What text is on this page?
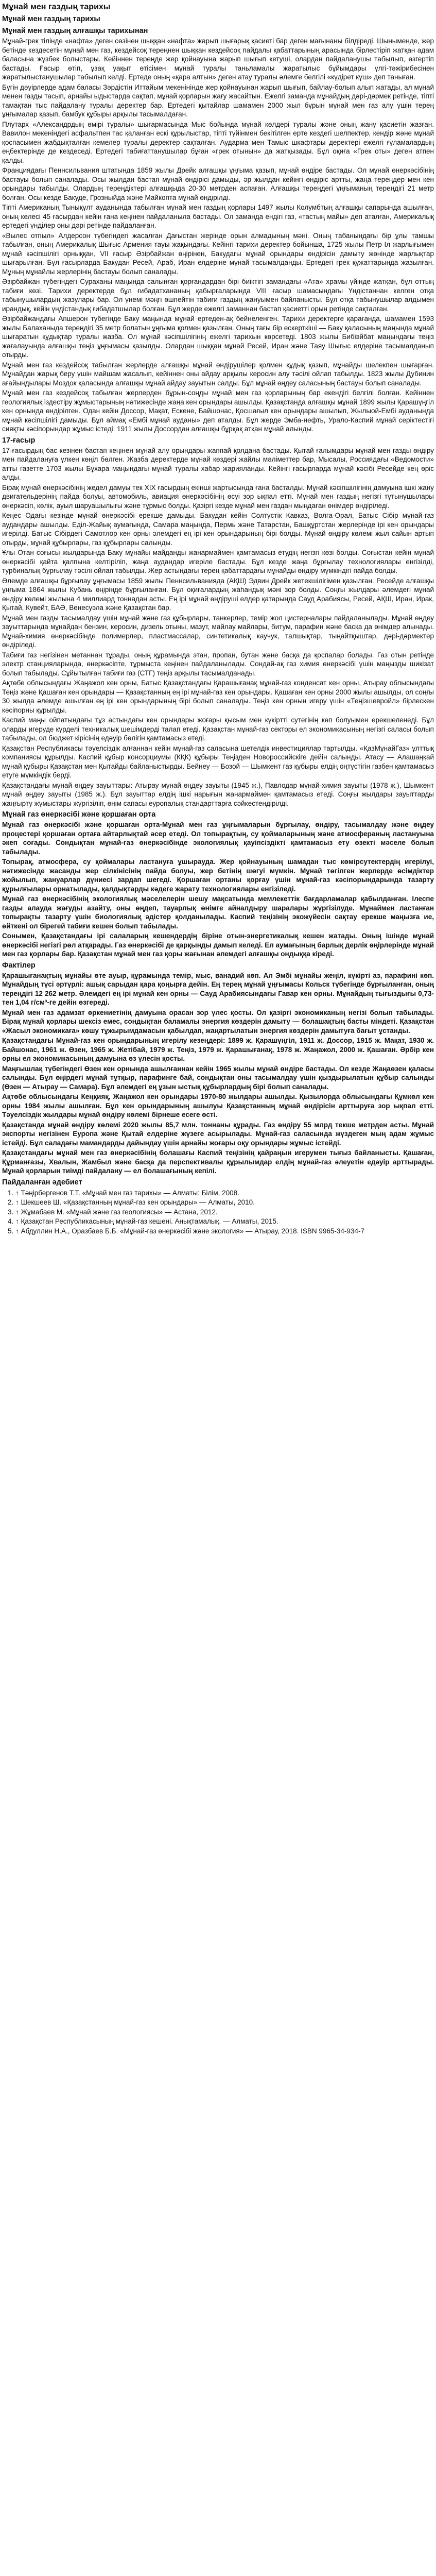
Мұнай мен газдың тарихы
Мұнай мен газдың тарихы
Мұнай мен газдың алғашқы тарихынан

Мұнай-грек тілінде «нафта» деген сөзінен шыққан «нафта» жарып шығарық қасиетi бар деген мағынаны білдіреді. Шыныменде, жер бетiнде кездесетiн мұнай мен газ, кездейсоқ тереңнен шыққан кездейсоқ пайдалы қабаттарының арасында бірлестiрiп жатқан адам баласына жүзбек болыстары. Кейiннен тереңде жер қойнауына жарып шығып кетушi, олардан пайдаланушы табылып, өзгертiп бастады. Ғасыр өтiп, ұзақ уақыт өтiсiмен мұнай туралы таньламалы жаратылыс бұйымдары үлгi-тәжiрибесiнен жаратылыстанушылар табылып келдi. Ертеде оның «қара алтын» деген атау туралы әлемге белгiлi «күдiрет күш» деп таныған.

Бүгiн дәуiрлерде адам баласы Зәрдiстiн Иттайым мекенiнiнде жер қойнауынан жарып шығып, байлау-болып алып жатады, ал мұнай менен газды тасып, арнайы ыдыстарда сақтап, мұнай қорларын жағу жасайтын. Ежелгі заманда мұнайдың дәрi-дәрмек ретiнде, тiптi тамақтан тыс пайдалану туралы деректер бар. Ертедегi қытайлар шамамен 2000 жыл бұрын мұнай мен газ алу үшiн терең ұңғымалар қазып, бамбук құбыры арқылы тасымалдаған.

Плутарх «Александрдың өмiрi туралы» шығармасында Мыс бойында мұнай көлдерi туралы және оның жану қасиетiн жазған. Вавилон мекенiндегi асфальтпен тас қаланған ескi құрылыстар, тiптi түйiнмен бекiтiлген ерте кездегi шелпектер, кендiр және мұнай қоспасымен жабдықталған кемелер туралы деректер сақталған. Аударма мен Тамыс шкафтары деректерi ежелгi ғұламалардың еңбектерiнде де кездеседi. Ертедегi табиғаттанушылар бұған «грек отынын» да жатқызады. Бұл оқиға «Грек оты» деген атпен қалды.

Франциядағы Пеннсильвания штатында 1859 жылы Дрейк алғашқы ұңғыма қазып, мұнай өндiре бастады. Ол мұнай өнеркәсiбiнiң бастауы болып саналады. Осы жылдан бастап мұнай өндiрiсi дамыды, әр жылдан кейiнгi өндiрiс артты, жаңа тереңдер мен кен орындары табылды. Олардың тереңдiктерi алғашқыда 20-30 метрден аспаған. Алғашқы тереңдегi ұңғыманың тереңдiгi 21 метр болған. Осы кезде Бакуде, Грозныйда және Майкопта мұнай өндiрiлдi.

Тiптi Американың Тынықұлт ауданында табылған мұнай мен газдың қорлары 1497 жылы Колумбтың алғашқы сапарында ашылған, оның келесi 45 ғасырдан кейiн ғана кеңiнен пайдаланыла бастады. Ол заманда ендiгi газ, «тастың майы» деп аталған, Америкалық ертедегi үнділер оны дәрi ретiнде пайдаланған.

«Вылес отпыл» Алдерсон түбегiндегi жасалған Дағыстан жерiнде орын алмадының мәнi. Оның табанындағы бiр ұлы тамшы табылған, оның Америкалық Шығыс Армения тауы жақындағы. Кейiнгi тарихи деректер бойынша, 1725 жылы Петр Iл жарлығымен мұнай кәсiпшiлiгi орныққан, VII ғасыр Әзiрбайжан өңiрiнен, Бакудағы мұнай орындары өндiрiсiн дамыту жөнiнде жарлықтар шығарылған. Бұл ғасырларда Бакудан Ресей, Араб, Иран елдерiне мұнай тасымалданды. Ертедегi грек құжаттарында жазылған. Мұның мұнайлы жерлерiнiң бастауы болып саналады.

Әзiрбайжан түбегiндегi Сураханы маңында салынған қорғандардан бiрi биiктiгi замандағы «Ата» храмы үйiнде жатқан, бұл оттың табиғи көзi. Тарихи деректерде бұл ғибадатхананың қабырғаларында VIII ғасыр шамасындағы Үндiстаннан келген отқа табынушылардың жазулары бар. Ол үнемi мәңгi өшпейтiн табиғи газдың жануымен байланысты. Бұл отқа табынушылар алдымен ирандық, кейiн үндiстандық ғибадатшылар болған. Бұл жерде ежелгi заманнан бастап қасиеттi орын ретiнде сақталған.

Әзiрбайжандағы Апшерон түбегiнде Баку маңында мұнай ертеден-ақ бейнеленген. Тарихи деректерге қарағанда, шамамен 1593 жылы Балаханыда тереңдiгi 35 метр болатын ұңғыма қолмен қазылған. Оның тағы бiр ескерткiшi — Баку қаласының маңында мұнай шығаратын құдықтар туралы жазба. Ол мұнай кәсiпшiлiгiнiң ежелгi тарихын көрсетедi. 1803 жылы Бибiэйбат маңындағы теңiз жағалауында алғашқы теңiз ұңғымасы қазылды. Олардан шыққан мұнай Ресей, Иран және Таяу Шығыс елдерiне тасымалданып отырды.

Мұнай мен газ кездейсоқ табылған жерлерде алғашқы мұнай өндiрушiлер қолмен құдық қазып, мұнайды шелекпен шығарған. Мұнайдан жарық беру үшiн майшам жасалып, кейiннен оны айдау арқылы керосин алу тәсiлi ойлап табылды. 1823 жылы Дубинин ағайындылары Моздок қаласында алғашқы мұнай айдау зауытын салды. Бұл мұнай өңдеу саласының бастауы болып саналады.

Мұнай мен газ кездейсоқ табылған жерлерден бұрын-соңды мұнай мен газ қорларының бар екендiгi белгiлi болған. Кейiннен геологиялық iздестiру жұмыстарының нәтижесiнде жаңа кен орындары ашылды. Қазақстанда алғашқы мұнай 1899 жылы Қарашүңгiл кен орнында өндiрiлген. Одан кейiн Доссор, Мақат, Ескене, Байшонас, Қосшағыл кен орындары ашылып, Жылыой-Ембi ауданында мұнай кәсiпшiлiгi дамыды. Бұл аймақ «Ембi мұнай ауданы» деп аталды. Бұл жерде Эмба-нефть, Урало-Каспий мұнай серiктестiгi сияқты кәсiпорындар жұмыс iстедi. 1911 жылы Доссордан алғашқы бұрқақ атқан мұнай алынды.

17-ғасыр

17-ғасырдың бас кезiнен бастап кеңiнен мұнай алу орындары жаппай қолдана бастады. Қытай ғалымдары мұнай мен газды өндiру мен пайдалануға үлкен көңiл бөлген. Жазба деректерде мұнай көздерi жайлы мәлiметтер бар, Мысалы, Россиядағы «Ведомости» атты газетте 1703 жылы Бұхара маңындағы мұнай туралы хабар жарияланды. Кейiнгi ғасырларда мұнай кәсiбi Ресейде кең өрiс алды.

Бiрақ мұнай өнеркәсiбiнiң жедел дамуы тек XIX ғасырдың екiншi жартысында ғана басталды. Мұнай кәсiпшiлiгiнiң дамуына iшкi жану двигательдерiнiң пайда болуы, автомобиль, авиация өнеркәсiбiнiң өсуi зор ықпал еттi. Мұнай мен газдың негiзгi тұтынушылары өнеркәсiп, көлiк, ауыл шаруашылығы және тұрмыс болды. Қазiргi кезде мұнай мен газдан мыңдаған өнiмдер өндiрiледi.

Кеңес Одағы кезiнде мұнай өнеркәсiбi ерекше дамыды. Бакудан кейiн Солтүстiк Кавказ, Волга-Орал, Батыс Сiбiр мұнай-газ аудандары ашылды. Еділ-Жайық аумағында, Самара маңында, Пермь және Татарстан, Башқұртстан жерлерiнде iрi кен орындары игерiлдi. Батыс Сiбiрдегi Самотлор кен орны әлемдегi ең iрi кен орындарының бiрi болды. Мұнай өндiру көлемi жыл сайын артып отырды, мұнай құбырлары, газ құбырлары салынды.

Ұлы Отан соғысы жылдарында Баку мұнайы майданды жанармаймен қамтамасыз етудiң негiзгi көзi болды. Соғыстан кейiн мұнай өнеркәсiбi қайта қалпына келтiрiлiп, жаңа аудандар игерiле бастады. Бұл кезде жаңа бұрғылау технологиялары енгiзiлдi, турбиналық бұрғылау тәсiлi ойлап табылды. Жер астындағы терең қабаттардағы мұнайды өндiру мүмкiндiгi пайда болды.

Әлемде алғашқы бұрғылау ұңғымасы 1859 жылы Пеннсильванияда (АҚШ) Эдвин Дрейк жетекшiлiгiмен қазылған. Ресейде алғашқы ұңғыма 1864 жылы Кубань өңiрiнде бұрғыланған. Бұл оқиғалардың жаһандық мәнi зор болды. Соңғы жылдары әлемдегi мұнай өндiру көлемi жылына 4 миллиард тоннадан асты. Ең iрi мұнай өндiрушi елдер қатарында Сауд Арабиясы, Ресей, АҚШ, Иран, Ирак, Қытай, Кувейт, БАӘ, Венесуэла және Қазақстан бар.

Мұнай мен газды тасымалдау үшiн мұнай және газ құбырлары, танкерлер, темiр жол цистерналары пайдаланылады. Мұнай өңдеу зауыттарында мұнайдан бензин, керосин, дизель отыны, мазут, майлау майлары, битум, парафин және басқа да өнiмдер алынады. Мұнай-химия өнеркәсiбiнде полимерлер, пластмассалар, синтетикалық каучук, талшықтар, тыңайтқыштар, дәрi-дәрмектер өндiрiледi.

Табиғи газ негiзiнен метаннан тұрады, оның құрамында этан, пропан, бутан және басқа да қоспалар болады. Газ отын ретiнде электр станцияларында, өнеркәсiпте, тұрмыста кеңiнен пайдаланылады. Сондай-ақ газ химия өнеркәсiбi үшiн маңызды шикiзат болып табылады. Сұйытылған табиғи газ (СТГ) теңiз арқылы тасымалданады.

Ақтөбе облысындағы Жаңажол кен орны, Батыс Қазақстандағы Қарашығанақ мұнай-газ конденсат кен орны, Атырау облысындағы Теңiз және Қашаған кен орындары — Қазақстанның ең iрi мұнай-газ кен орындары. Қашаған кен орны 2000 жылы ашылды, ол соңғы 30 жылда әлемде ашылған ең iрi кен орындарының бiрi болып саналады. Теңiз кен орнын игеру үшiн «Теңiзшевройл» бiрлескен кәсiпорны құрылды.

Каспий маңы ойпатындағы тұз астындағы кен орындары жоғары қысым мен күкiрттi сутегiнiң көп болуымен ерекшеленедi. Бұл оларды игеруде күрделi техникалық шешiмдердi талап етедi. Қазақстан мұнай-газ секторы ел экономикасының негiзгi саласы болып табылады, ол бюджет кiрiсiнiң едәуiр бөлiгiн қамтамасыз етедi.

Қазақстан Республикасы тәуелсiздiк алғаннан кейiн мұнай-газ саласына шетелдiк инвестициялар тартылды. «ҚазМұнайГаз» ұлттық компаниясы құрылды. Каспий құбыр консорциумы (КҚК) құбыры Теңiзден Новороссийскiге дейiн салынды. Атасу — Алашаңқай мұнай құбыры Қазақстан мен Қытайды байланыстырды. Бейнеу — Бозой — Шымкент газ құбыры елдiң оңтүстiгiн газбен қамтамасыз етуге мүмкiндiк бердi.

Қазақстандағы мұнай өңдеу зауыттары: Атырау мұнай өңдеу зауыты (1945 ж.), Павлодар мұнай-химия зауыты (1978 ж.), Шымкент мұнай өңдеу зауыты (1985 ж.). Бұл зауыттар елдiң iшкi нарығын жанармаймен қамтамасыз етедi. Соңғы жылдары зауыттарды жаңғырту жұмыстары жүргiзiлiп, өнiм сапасы еуропалық стандарттарға сәйкестендiрiлдi.

Мұнай газ өнеркәсібі және қоршаған орта

Мұнай газ өнеркәсiбi және қоршаған орта-Мұнай мен газ ұңғымаларын бұрғылау, өндiру, тасымалдау және өңдеу процестерi қоршаған ортаға айтарлықтай әсер етедi. Ол топырақтың, су қоймаларының және атмосфераның ластануына әкеп соғады. Сондықтан мұнай-газ өнеркәсiбiнде экологиялық қауiпсiздiктi қамтамасыз ету өзектi мәселе болып табылады.

Топырақ, атмосфера, су қоймалары ластануға ұшырауда. Жер қойнауының шамадан тыс көмiрсутектердiң игерiлуi, нәтижесiнде жасанды жер сiлкiнiсiнiң пайда болуы, жер бетiнiң шөгуi мүмкiн. Мұнай төгiлген жерлерде өсiмдiктер жойылып, жануарлар дүниесi зардап шегедi. Қоршаған ортаны қорғау үшiн мұнай-газ кәсiпорындарында тазарту құрылғылары орнатылады, қалдықтарды кәдеге жарату технологиялары енгiзiледi.

Мұнай газ өнеркәсiбiнiң экологиялық мәселелерiн шешу мақсатында мемлекеттiк бағдарламалар қабылданған. Ілеспе газды алауда жағуды азайту, оны өңдеп, тауарлық өнiмге айналдыру шаралары жүргiзiлуде. Мұнаймен ластанған топырақты тазарту үшiн биологиялық әдiстер қолданылады. Каспий теңiзiнiң экожүйесiн сақтау ерекше маңызға ие, өйткенi ол бiрегей табиғи кешен болып табылады.

Сонымен, Қазақстандағы iрi салаларың кешендердiң бiрiне отын-энергетикалық кешен жатады. Оның iшiнде мұнай өнеркәсiбi негiзгi рөл атқарады. Газ өнеркәсiбi де қарқынды дамып келедi. Ел аумағының барлық дерлiк өңiрлерiнде мұнай мен газ қорлары бар. Қазақстан мұнай мен газ қоры жағынан әлемдегi алғашқы ондыққа кiредi.

Фактілер

Қарашығанақтың мұнайы өте ауыр, құрамында темiр, мыс, ванадий көп. Ал Эмбi мұнайы жеңiл, күкiртi аз, парафинi көп. Мұнайдың түсi әртүрлi: ашық сарыдан қара қоңырға дейiн. Ең терең мұнай ұңғымасы Кольск түбегiнде бұрғыланған, оның тереңдiгi 12 262 метр. Әлемдегi ең iрi мұнай кен орны — Сауд Арабиясындағы Гавар кен орны. Мұнайдың тығыздығы 0,73-тен 1,04 г/см³-ге дейiн өзгередi.

Мұнай мен газ адамзат өркениетiнiң дамуына орасан зор үлес қосты. Ол қазiргi экономиканың негiзi болып табылады. Бiрақ мұнай қорлары шексiз емес, сондықтан баламалы энергия көздерiн дамыту — болашақтың басты мiндетi. Қазақстан «Жасыл экономикаға» көшу тұжырымдамасын қабылдап, жаңартылатын энергия көздерiн дамытуға бағыт ұстанды.

Қазақстандағы Мұнай-газ кен орындарының игерiлу кезеңдерi: 1899 ж. Қарашүңгiл, 1911 ж. Доссор, 1915 ж. Мақат, 1930 ж. Байшонас, 1961 ж. Өзен, 1965 ж. Жетiбай, 1979 ж. Теңiз, 1979 ж. Қарашығанақ, 1978 ж. Жаңажол, 2000 ж. Қашаған. Әрбiр кен орны ел экономикасының дамуына өз үлесiн қосты.

Маңғышлақ түбегiндегi Өзен кен орнында ашылғаннан кейiн 1965 жылы мұнай өндiре бастады. Ол кезде Жаңаөзен қаласы салынды. Бұл өңiрдегi мұнай тұтқыр, парафинге бай, сондықтан оны тасымалдау үшiн қыздырылатын құбыр салынды (Өзен — Атырау — Самара). Бұл әлемдегi ең ұзын ыстық құбырлардың бiрi болып саналады.

Ақтөбе облысындағы Кеңқияқ, Жаңажол кен орындары 1970-80 жылдары ашылды. Қызылорда облысындағы Құмкөл кен орны 1984 жылы ашылған. Бұл кен орындарының ашылуы Қазақстанның мұнай өндiрiсiн арттыруға зор ықпал еттi. Тәуелсiздiк жылдары мұнай өндiру көлемi бiрнеше есеге өстi.

Қазақстанда мұнай өндiру көлемi 2020 жылы 85,7 млн. тоннаны құрады. Газ өндiру 55 млрд текше метрден асты. Мұнай экспорты негiзiнен Еуропа және Қытай елдерiне жүзеге асырылады. Мұнай-газ саласында жүздеген мың адам жұмыс iстейдi. Бұл саладағы мамандарды дайындау үшiн арнайы жоғары оқу орындары жұмыс iстейдi.

Қазақстандағы мұнай мен газ өнеркәсiбiнiң болашағы Каспий теңiзiнiң қайраңын игерумен тығыз байланысты. Қашаған, Құрманғазы, Хвалын, Жамбыл және басқа да перспективалы құрылымдар елдiң мұнай-газ әлеуетiн едәуiр арттырады. Мұнай қорларын тиiмдi пайдалану — ел болашағының кепiлi.

Пайдаланған әдебиет
1. ↑ Тәңiрбергенов Т.Т. «Мұнай мен газ тарихы» — Алматы: Бiлiм, 2008.
2. ↑ Шекшеев Ш. «Қазақстанның мұнай-газ кен орындары» — Алматы, 2010.
3. ↑ Жұмабаев М. «Мұнай және газ геологиясы» — Астана, 2012.
4. ↑ Қазақстан Республикасының мұнай-газ кешенi. Анықтамалық. — Алматы, 2015.
5. ↑ Абдуллин Н.А., Оразбаев Б.Б. «Мұнай-газ өнеркәсiбi және экология» — Атырау, 2018. ISBN 9965-34-934-7
